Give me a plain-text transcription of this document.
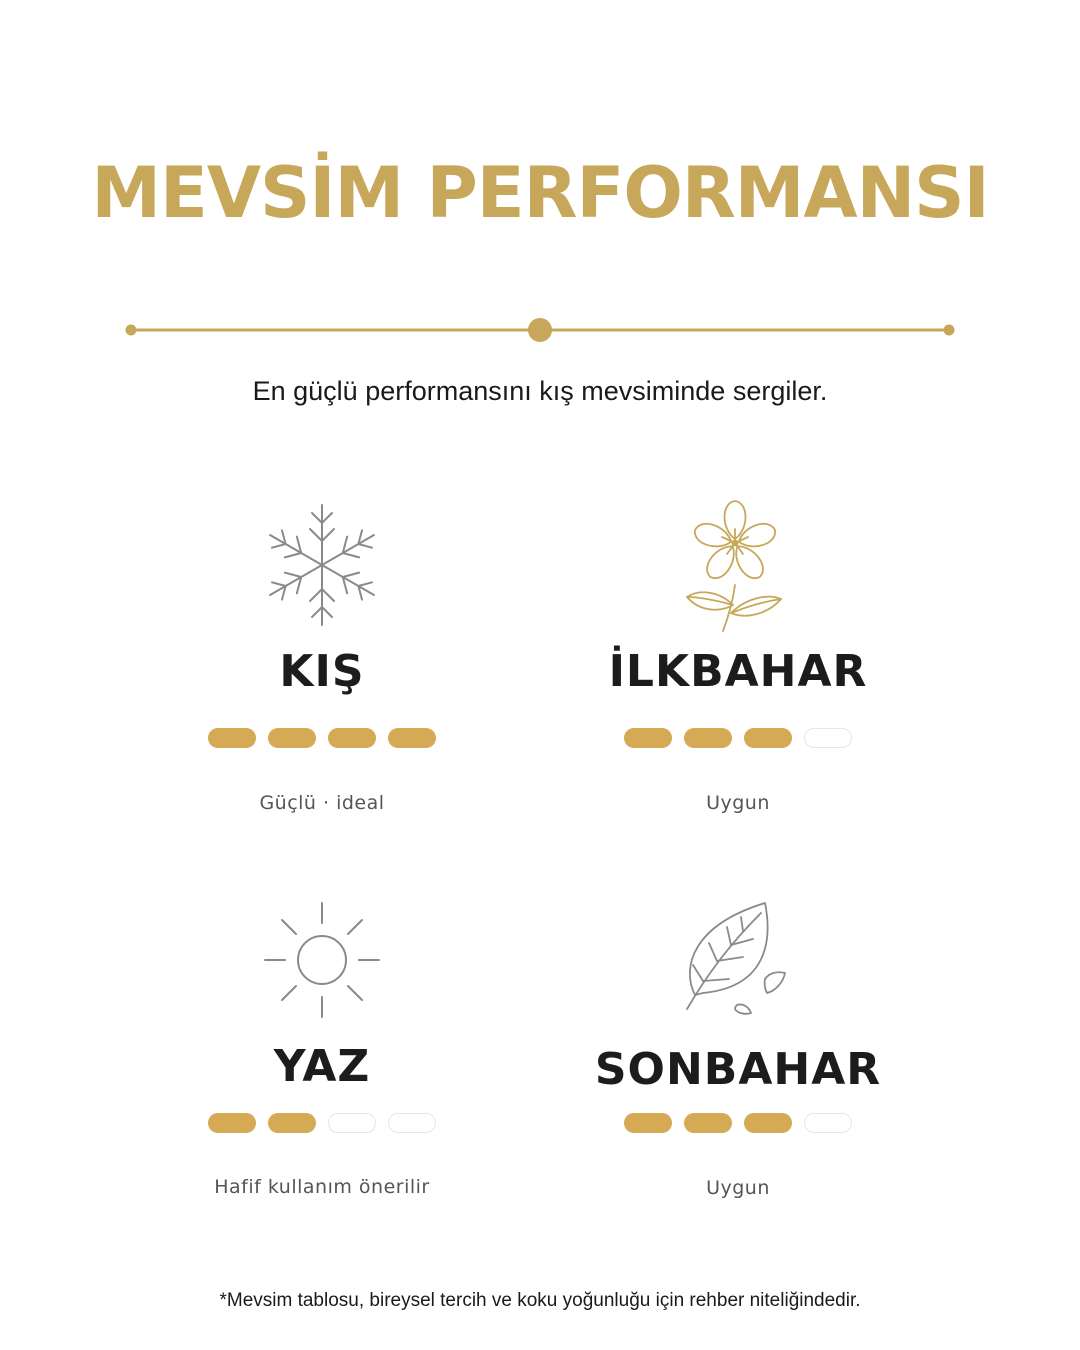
MEVSİM PERFORMANSI
En güçlü performansını kış mevsiminde sergiler.
KIŞ
Güçlü · ideal
İLKBAHAR
Uygun
YAZ
Hafif kullanım önerilir
SONBAHAR
Uygun
*Mevsim tablosu, bireysel tercih ve koku yoğunluğu için rehber niteliğindedir.
